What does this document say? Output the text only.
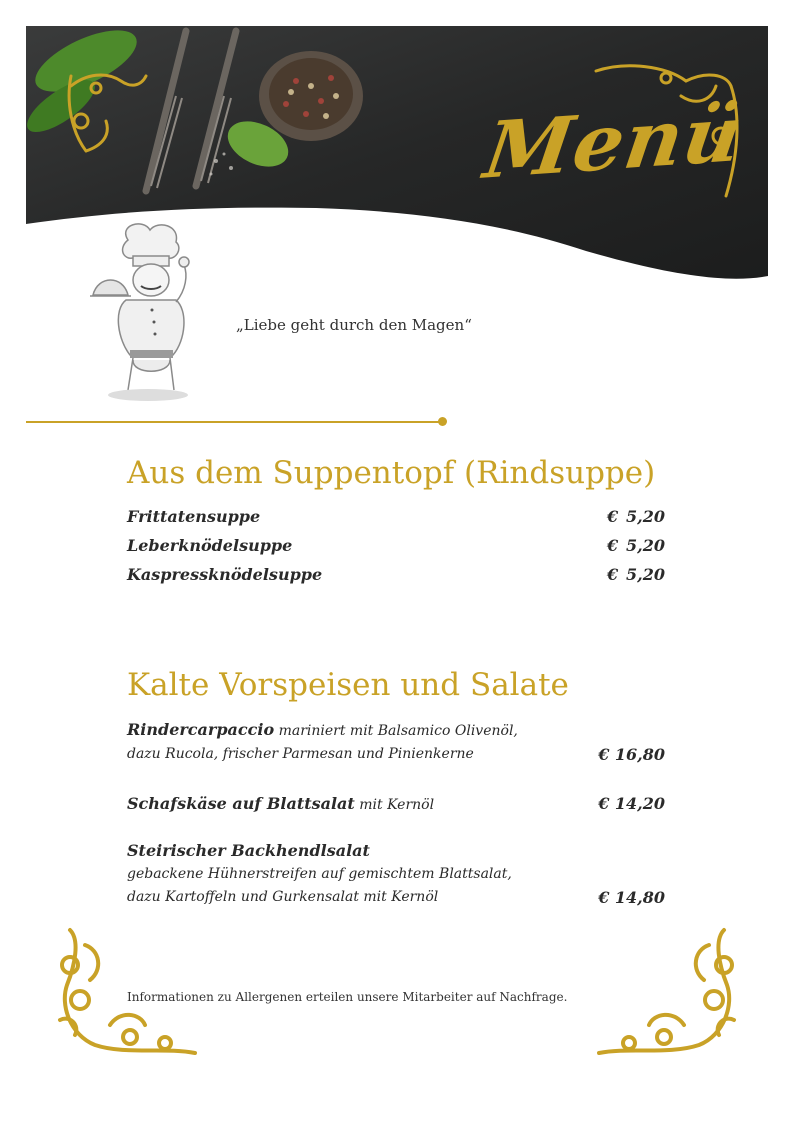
Menü
„Liebe geht durch den Magen“
Aus dem Suppentopf (Rindsuppe)
Frittatensuppe	€ 5,20
Leberknödelsuppe	€ 5,20
Kaspressknödelsuppe	€ 5,20
Kalte Vorspeisen und Salate
Rindercarpaccio mariniert mit Balsamico Olivenöl,
dazu Rucola, frischer Parmesan und Pinienkerne	€ 16,80
Schafskäse auf Blattsalat mit Kernöl	€ 14,20
Steirischer Backhendlsalat
gebackene Hühnerstreifen auf gemischtem Blattsalat,
dazu Kartoffeln und Gurkensalat mit Kernöl	€ 14,80
Informationen zu Allergenen erteilen unsere Mitarbeiter auf Nachfrage.
